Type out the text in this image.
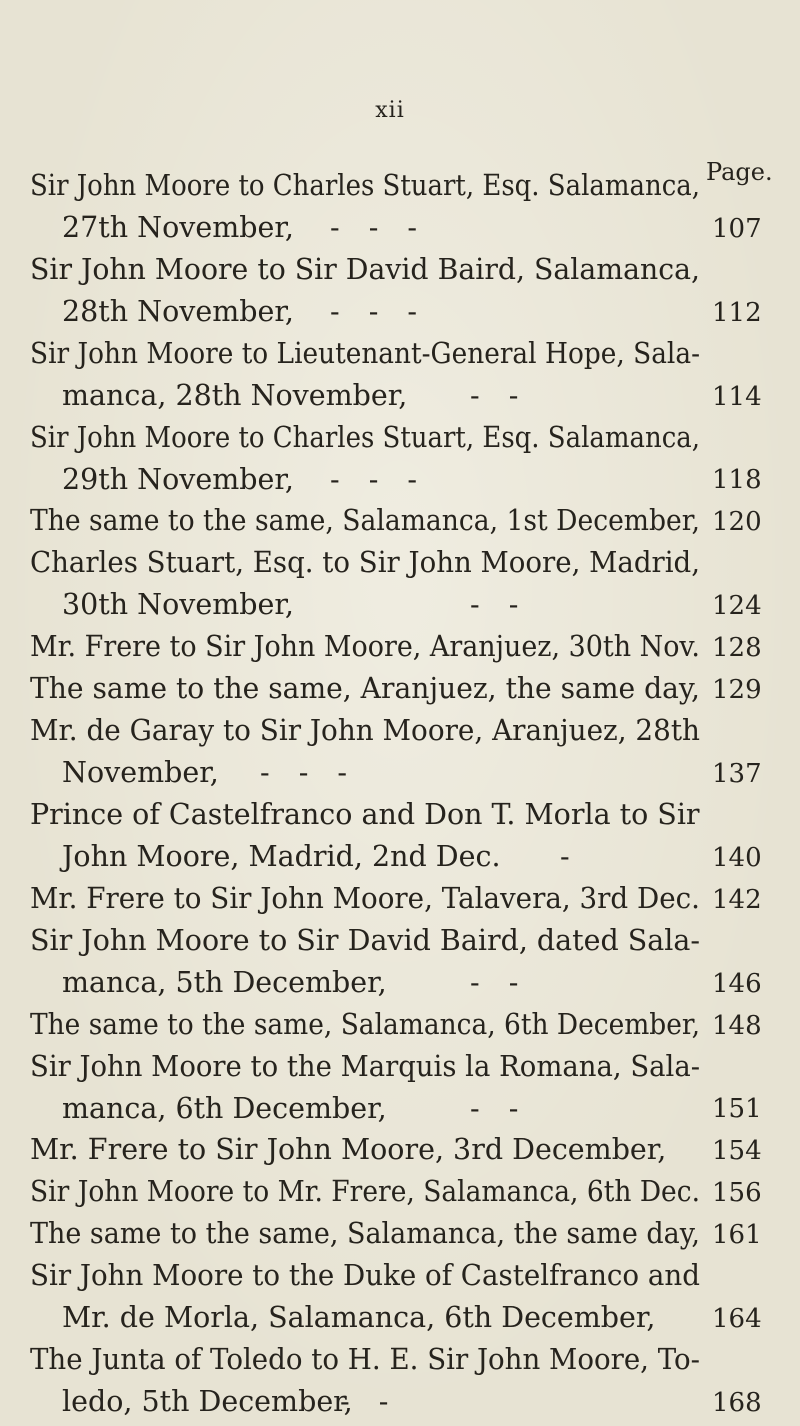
xii
Page.
Sir John Moore to Charles Stuart, Esq. Salamanca,
27th November, - - -	107
Sir John Moore to Sir David Baird, Salamanca,
28th November, - - -	112
Sir John Moore to Lieutenant-General Hope, Sala-
manca, 28th November, - -	114
Sir John Moore to Charles Stuart, Esq. Salamanca,
29th November, - - -	118
The same to the same, Salamanca, 1st December, 120
Charles Stuart, Esq. to Sir John Moore, Madrid,
30th November,	- -	124
Mr. Frere to Sir John Moore, Aranjuez, 30th Nov. 128
The same to the same, Aranjuez, the same day, 129
Mr. de Garay to Sir John Moore, Aranjuez, 28th
November, - - -	137
Prince of Castelfranco and Don T. Morla to Sir
John Moore, Madrid, 2nd Dec. -	140
Mr. Frere to Sir John Moore, Talavera, 3rd Dec. 142
Sir John Moore to Sir David Baird, dated Sala-
manca, 5th December,	- -	146
The same to the same, Salamanca, 6th December, 148
Sir John Moore to the Marquis la Romana, Sala-
manca, 6th December,	- -	151
Mr. Frere to Sir John Moore, 3rd December, 154
Sir John Moore to Mr. Frere, Salamanca, 6th Dec. 156
The same to the same, Salamanca, the same day, 161
Sir John Moore to the Duke of Castelfranco and
Mr. de Morla, Salamanca, 6th December, 164
The Junta of Toledo to H. E. Sir John Moore, To-
ledo, 5th December,
- -	168
